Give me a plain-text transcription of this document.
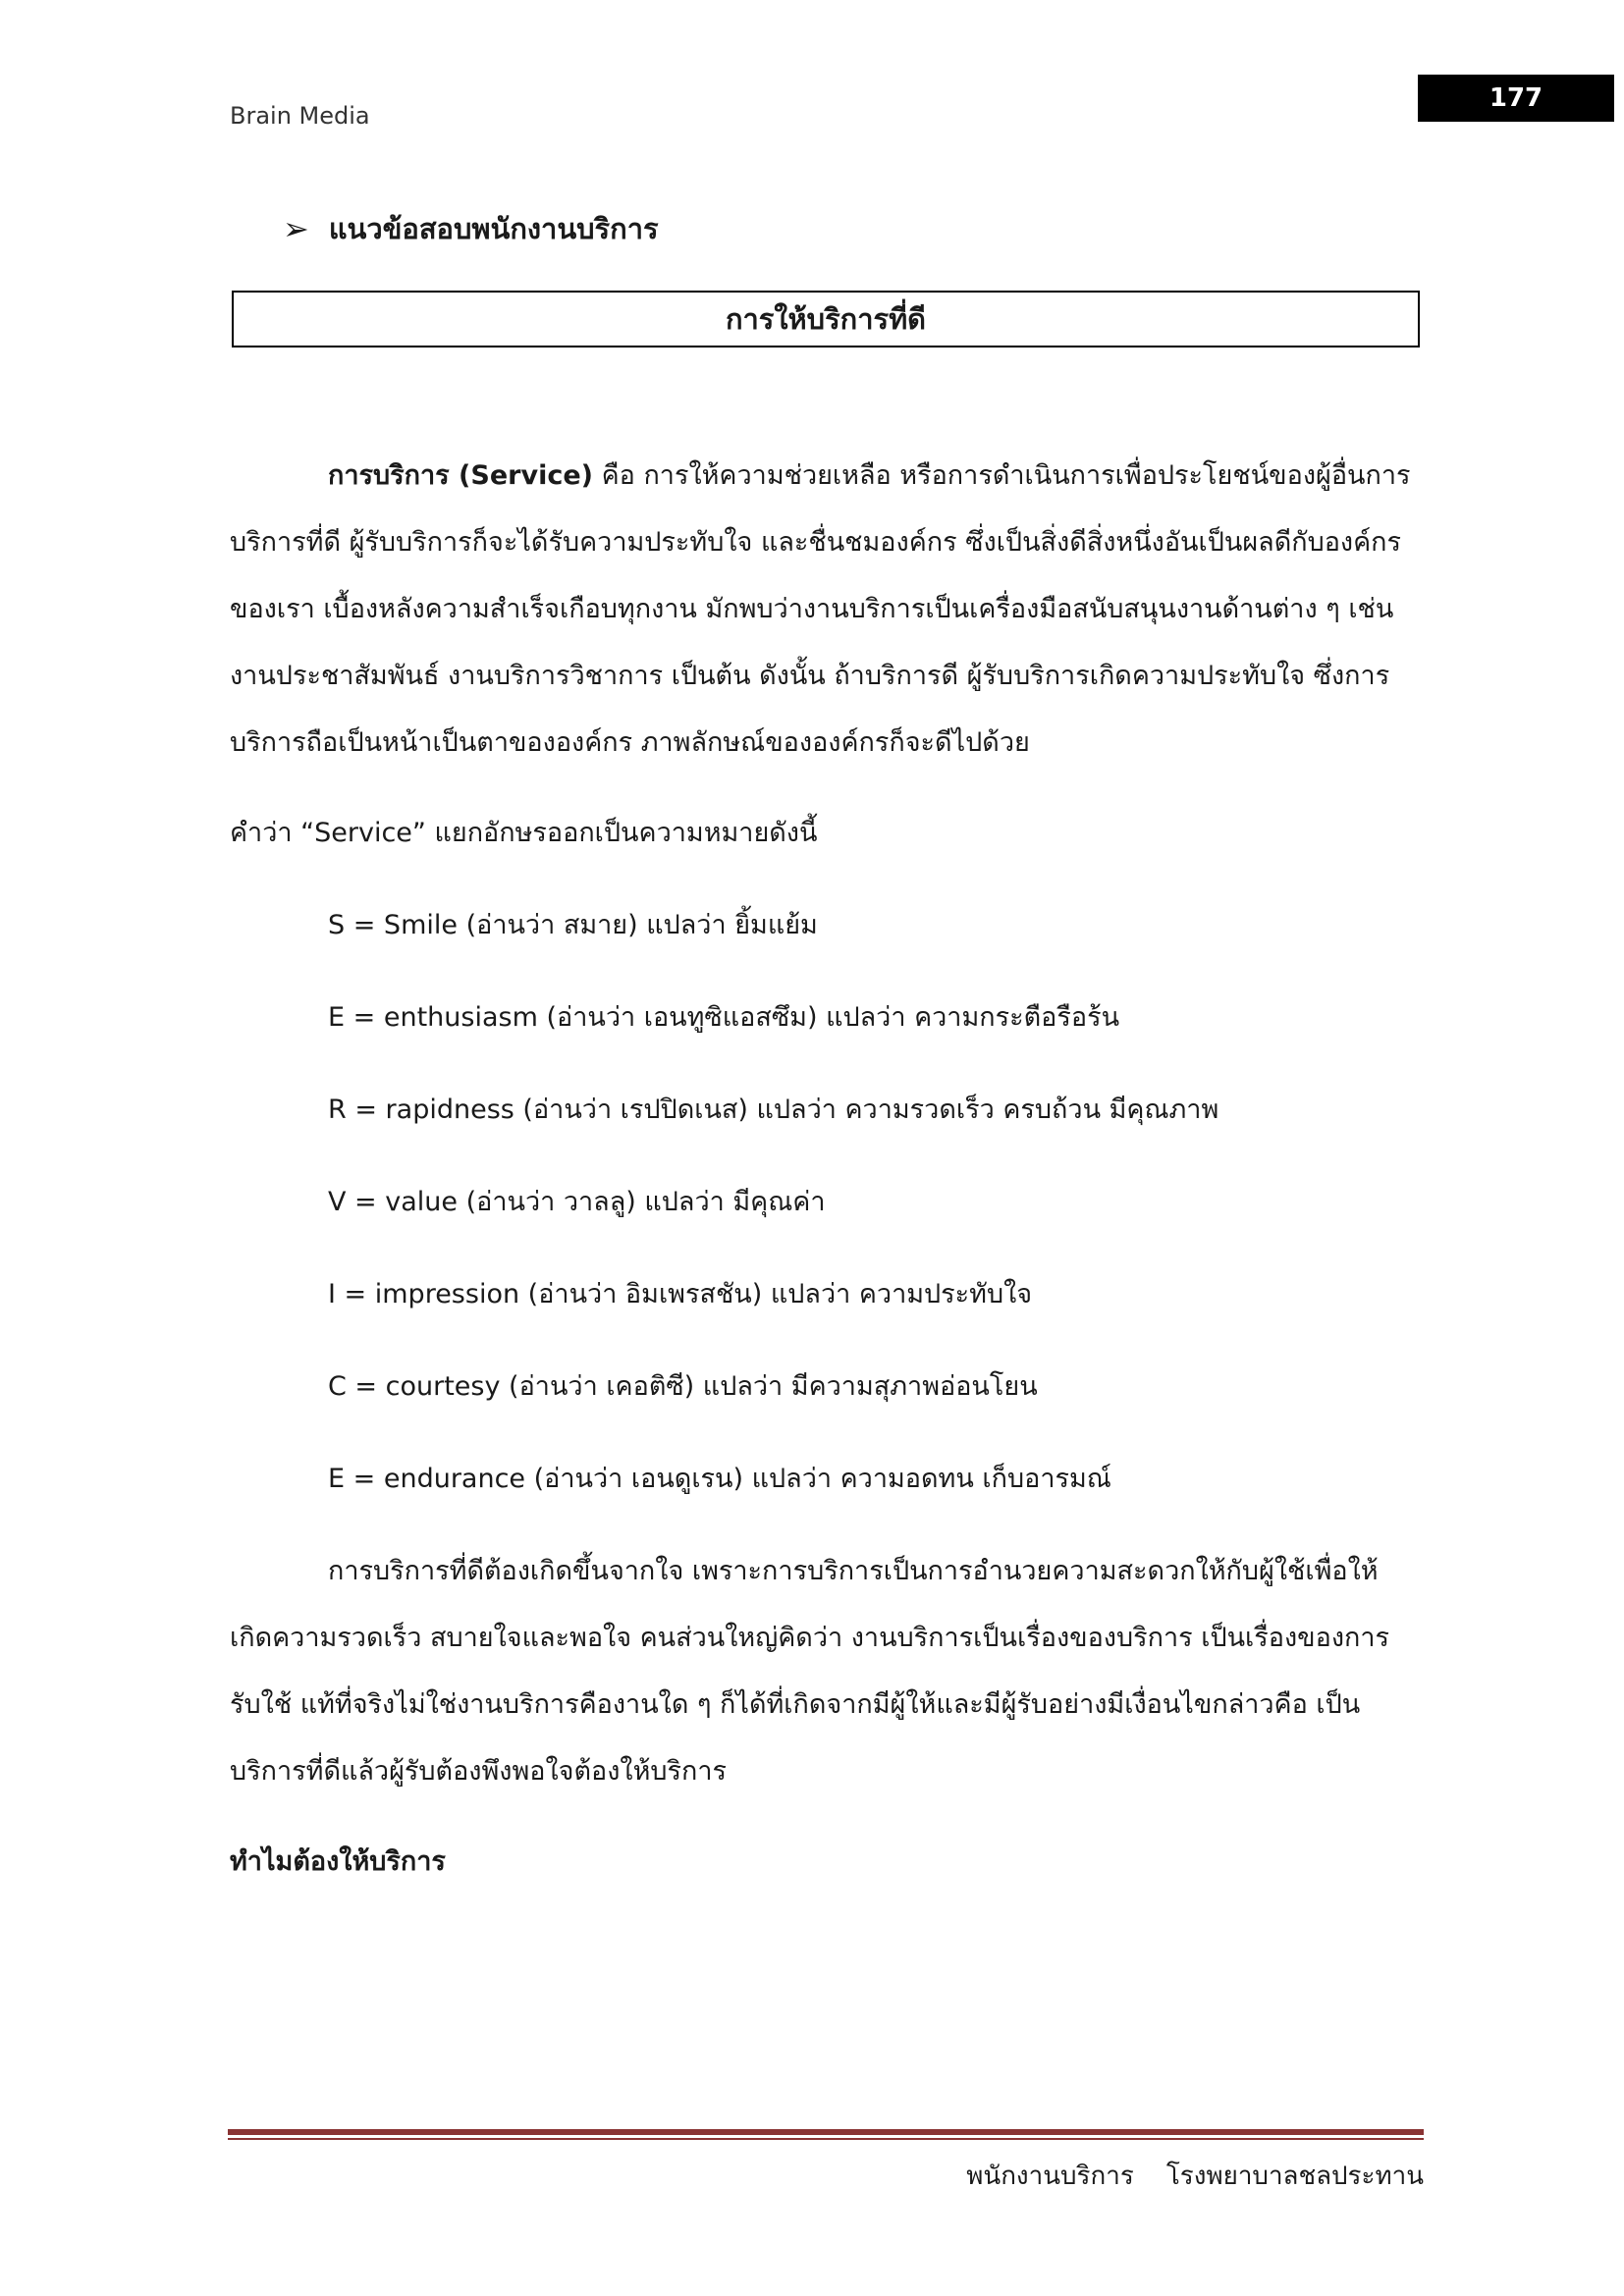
Brain Media
177
➢ แนวข้อสอบพนักงานบริการ
การให้บริการที่ดี
การบริการ (Service) คือ การให้ความช่วยเหลือ หรือการดำเนินการเพื่อประโยชน์ของผู้อื่นการ
บริการที่ดี ผู้รับบริการก็จะได้รับความประทับใจ และชื่นชมองค์กร ซึ่งเป็นสิ่งดีสิ่งหนึ่งอันเป็นผลดีกับองค์กร
ของเรา เบื้องหลังความสำเร็จเกือบทุกงาน มักพบว่างานบริการเป็นเครื่องมือสนับสนุนงานด้านต่าง ๆ เช่น
งานประชาสัมพันธ์ งานบริการวิชาการ เป็นต้น ดังนั้น ถ้าบริการดี ผู้รับบริการเกิดความประทับใจ ซึ่งการ
บริการถือเป็นหน้าเป็นตาขององค์กร ภาพลักษณ์ขององค์กรก็จะดีไปด้วย
คำว่า “Service” แยกอักษรออกเป็นความหมายดังนี้
S = Smile (อ่านว่า สมาย) แปลว่า ยิ้มแย้ม
E = enthusiasm (อ่านว่า เอนทูซิแอสซึม) แปลว่า ความกระตือรือร้น
R = rapidness (อ่านว่า เรปปิดเนส) แปลว่า ความรวดเร็ว ครบถ้วน มีคุณภาพ
V = value (อ่านว่า วาลลู) แปลว่า มีคุณค่า
I = impression (อ่านว่า อิมเพรสชัน) แปลว่า ความประทับใจ
C = courtesy (อ่านว่า เคอติซี) แปลว่า มีความสุภาพอ่อนโยน
E = endurance (อ่านว่า เอนดูเรน) แปลว่า ความอดทน เก็บอารมณ์
การบริการที่ดีต้องเกิดขึ้นจากใจ เพราะการบริการเป็นการอำนวยความสะดวกให้กับผู้ใช้เพื่อให้
เกิดความรวดเร็ว สบายใจและพอใจ คนส่วนใหญ่คิดว่า งานบริการเป็นเรื่องของบริการ เป็นเรื่องของการ
รับใช้ แท้ที่จริงไม่ใช่งานบริการคืองานใด ๆ ก็ได้ที่เกิดจากมีผู้ให้และมีผู้รับอย่างมีเงื่อนไขกล่าวคือ เป็น
บริการที่ดีแล้วผู้รับต้องพึงพอใจต้องให้บริการ
ทำไมต้องให้บริการ
พนักงานบริการ    โรงพยาบาลชลประทาน
